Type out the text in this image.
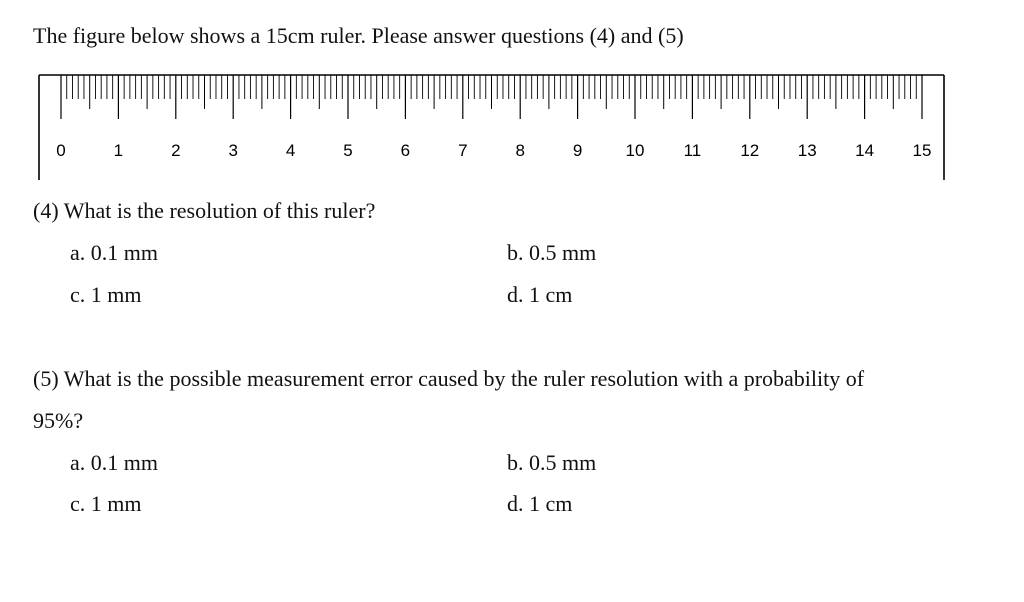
The figure below shows a 15cm ruler. Please answer questions (4) and (5)
0	1	2	3	4	5	6	7	8	9	10 11 12 13 14 15
(4) What is the resolution of this ruler?
a. 0.1 mm	b. 0.5 mm
c. 1 mm	d. 1 cm
(5) What is the possible measurement error caused by the ruler resolution with a probability of
95%?
a. 0.1 mm	b. 0.5 mm
c. 1 mm	d. 1 cm
